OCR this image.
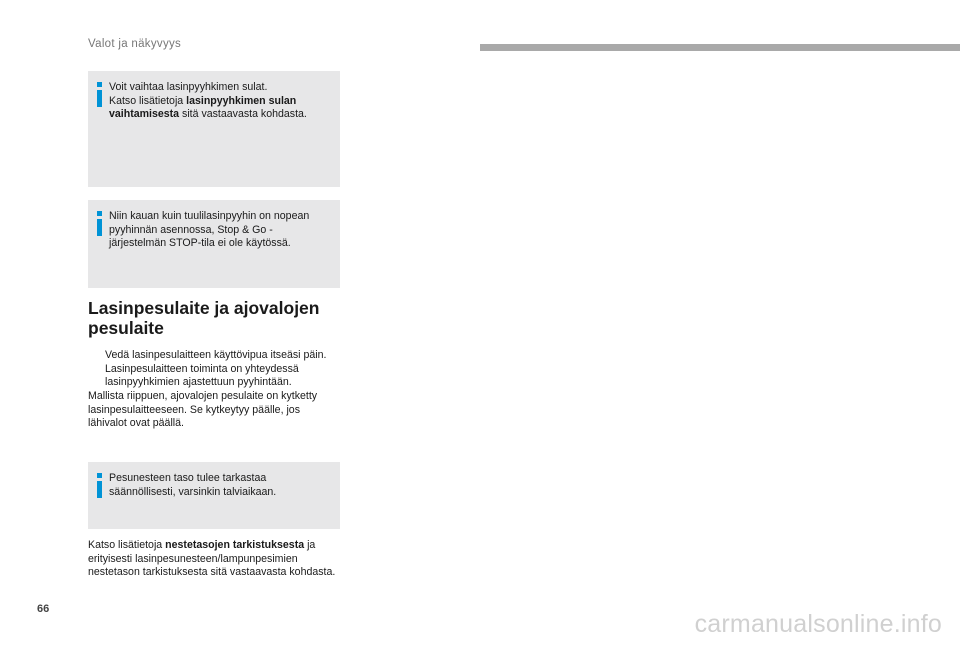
Valot ja näkyvyys

Voit vaihtaa lasinpyyhkimen sulat.
Katso lisätietoja lasinpyyhkimen sulan vaihtamisesta sitä vastaavasta kohdasta.

Niin kauan kuin tuulilasinpyyhin on nopean pyyhinnän asennossa, Stop & Go -järjestelmän STOP-tila ei ole käytössä.

Lasinpesulaite ja ajovalojen pesulaite
Vedä lasinpesulaitteen käyttövipua itseäsi päin. Lasinpesulaitteen toiminta on yhteydessä lasinpyyhkimien ajastettuun pyyhintään.

Mallista riippuen, ajovalojen pesulaite on kytketty lasinpesulaitteeseen. Se kytkeytyy päälle, jos lähivalot ovat päällä.

Pesunesteen taso tulee tarkastaa säännöllisesti, varsinkin talviaikaan.

Katso lisätietoja nestetasojen tarkistuksesta ja erityisesti lasinpesunesteen/lampunpesimien nestetason tarkistuksesta sitä vastaavasta kohdasta.

66
carmanualsonline.info
